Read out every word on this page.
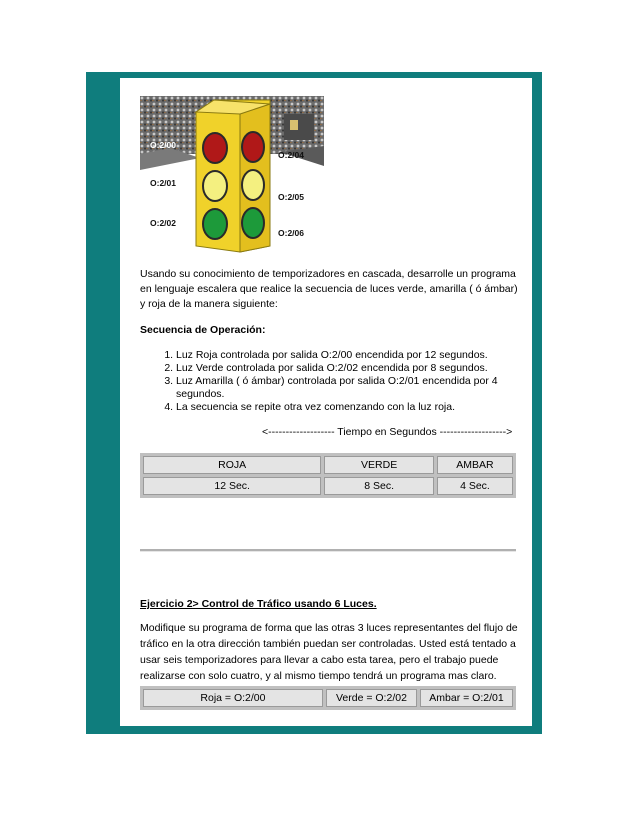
O:2/00
O:2/01
O:2/02
O:2/04
O:2/05
O:2/06
Usando su conocimiento de temporizadores en cascada, desarrolle un programa en lenguaje escalera que realice la secuencia de luces verde, amarilla ( ó ámbar) y roja de la manera siguiente:
Secuencia de Operación:
1. Luz Roja controlada por salida O:2/00 encendida por 12 segundos.
2. Luz Verde controlada por salida O:2/02 encendida por 8 segundos.
3. Luz Amarilla ( ó ámbar) controlada por salida O:2/01 encendida por 4 segundos.
4. La secuencia se repite otra vez comenzando con la luz roja.
<------------------- Tiempo en Segundos ------------------->
ROJA	VERDE	AMBAR
12 Sec.	8 Sec.	4 Sec.
Ejercicio 2> Control de Tráfico usando 6 Luces.
Modifique su programa de forma que las otras 3 luces representantes del flujo de tráfico en la otra dirección también puedan ser controladas. Usted está tentado a usar seis temporizadores para llevar a cabo esta tarea, pero el trabajo puede realizarse con solo cuatro, y al mismo tiempo tendrá un programa mas claro.
Roja = O:2/00	Verde = O:2/02	Ambar = O:2/01
